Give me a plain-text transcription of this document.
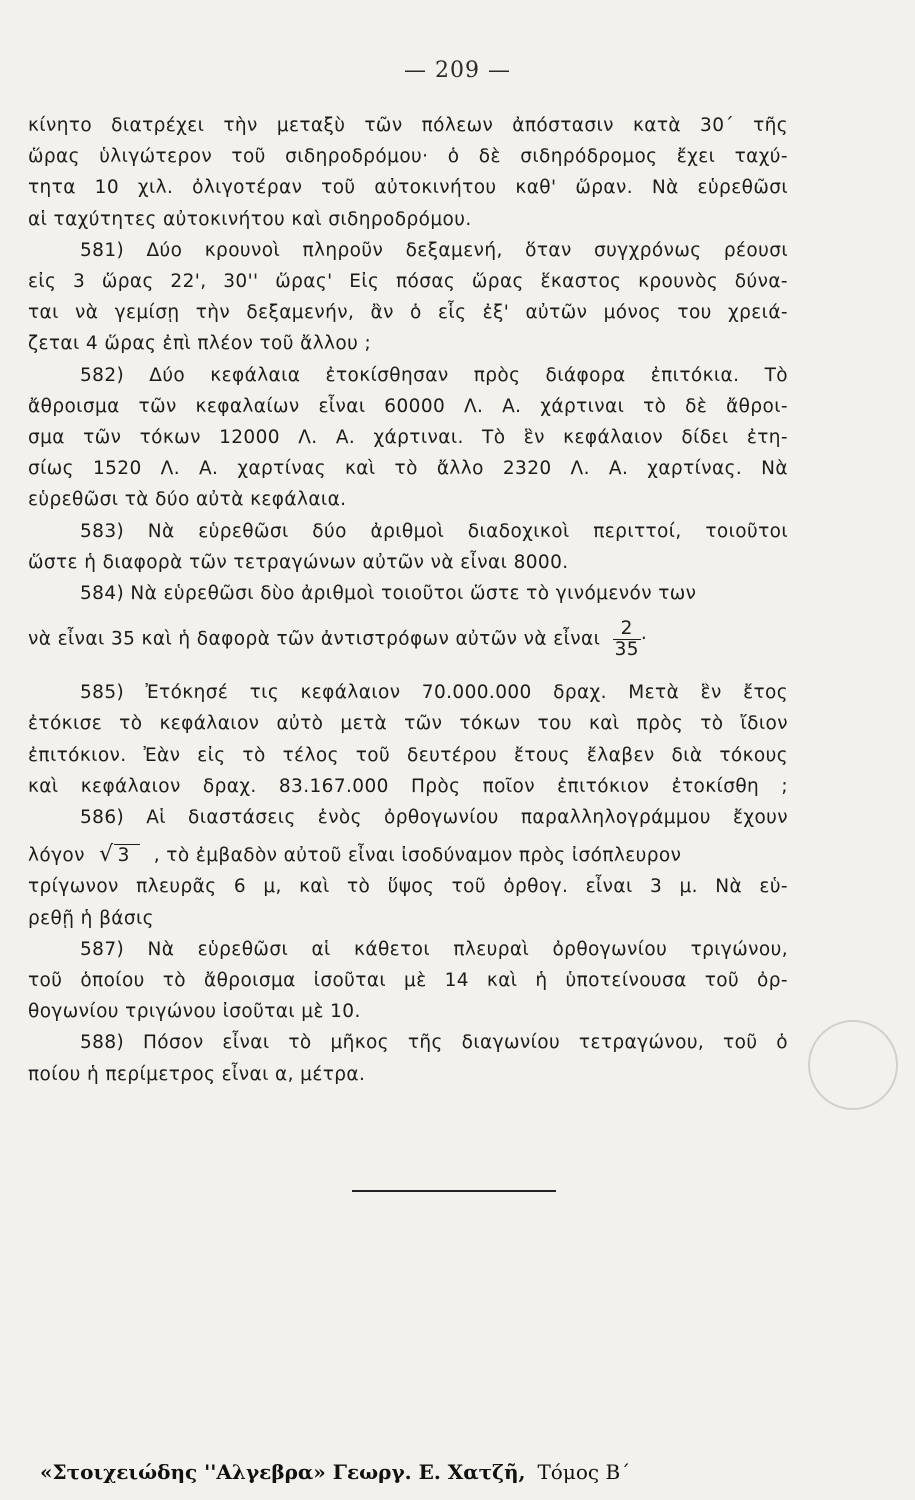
— 209 —
κίνητο διατρέχει τὴν μεταξὺ τῶν πόλεων ἀπόστασιν κατὰ 30΄ τῆς
ὥρας ὑλιγώτερον τοῦ σιδηροδρόμου· ὁ δὲ σιδηρόδρομος ἔχει ταχύ-
τητα 10 χιλ. ὀλιγοτέραν τοῦ αὐτοκινήτου καθ' ὥραν. Νὰ εὑρεθῶσι
αἱ ταχύτητες αὐτοκινήτου καὶ σιδηροδρόμου.
581) Δύο κρουνοὶ πληροῦν δεξαμενή, ὅταν συγχρόνως ρέουσι
εἰς 3 ὥρας 22', 30'' ὥρας' Εἰς πόσας ὥρας ἕκαστος κρουνὸς δύνα-
ται νὰ γεμίσῃ τὴν δεξαμενήν, ἂν ὁ εἷς ἐξ' αὐτῶν μόνος του χρειά-
ζεται 4 ὥρας ἐπὶ πλέον τοῦ ἄλλου ;
582) Δύο κεφάλαια ἐτοκίσθησαν πρὸς διάφορα ἐπιτόκια. Τὸ
ἄθροισμα τῶν κεφαλαίων εἶναι 60000 Λ. Α. χάρτιναι τὸ δὲ ἄθροι-
σμα τῶν τόκων 12000 Λ. Α. χάρτιναι. Τὸ ἓν κεφάλαιον δίδει ἐτη-
σίως 1520 Λ. Α. χαρτίνας καὶ τὸ ἄλλο 2320 Λ. Α. χαρτίνας. Νὰ
εὑρεθῶσι τὰ δύο αὐτὰ κεφάλαια.
583) Νὰ εὑρεθῶσι δύο ἀριθμοὶ διαδοχικοὶ περιττοί, τοιοῦτοι
ὥστε ἡ διαφορὰ τῶν τετραγώνων αὐτῶν νὰ εἶναι 8000.
584) Νὰ εὑρεθῶσι δὺο ἀριθμοὶ τοιοῦτοι ὥστε τὸ γινόμενόν των
νὰ εἶναι 35 καὶ ἡ δαφορὰ τῶν ἀντιστρόφων αὐτῶν νὰ εἶναι $\frac{2}{35}$ ·
585) Ἐτόκησέ τις κεφάλαιον 70.000.000 δραχ. Μετὰ ἓν ἔτος
ἐτόκισε τὸ κεφάλαιον αὐτὸ μετὰ τῶν τόκων του καὶ πρὸς τὸ ἴδιον
ἐπιτόκιον. Ἐὰν εἰς τὸ τέλος τοῦ δευτέρου ἔτους ἔλαβεν διὰ τόκους
καὶ κεφάλαιον δραχ. 83.167.000 Πρὸς ποῖον ἐπιτόκιον ἐτοκίσθη ;
586) Αἱ διαστάσεις ἑνὸς ὀρθογωνίου παραλληλογράμμου ἔχουν
λόγον √ 3 , τὸ ἐμβαδὸν αὐτοῦ εἶναι ἰσοδύναμον πρὸς ἰσόπλευρον
τρίγωνον πλευρᾶς 6 μ, καὶ τὸ ὕψος τοῦ ὀρθογ. εἶναι 3 μ. Νὰ εὑ-
ρεθῇ ἡ βάσις
587) Νὰ εὑρεθῶσι αἱ κάθετοι πλευραὶ ὀρθογωνίου τριγώνου,
τοῦ ὁποίου τὸ ἄθροισμα ἰσοῦται μὲ 14 καὶ ἡ ὑποτείνουσα τοῦ ὀρ-
θογωνίου τριγώνου ἰσοῦται μὲ 10.
588) Πόσον εἶναι τὸ μῆκος τῆς διαγωνίου τετραγώνου, τοῦ ὁ
ποίου ἡ περίμετρος εἶναι α, μέτρα.
«Στοιχειώδης ''Αλγεβρα» Γεωργ. Ε. Χατζῆ, Τόμος Β΄
